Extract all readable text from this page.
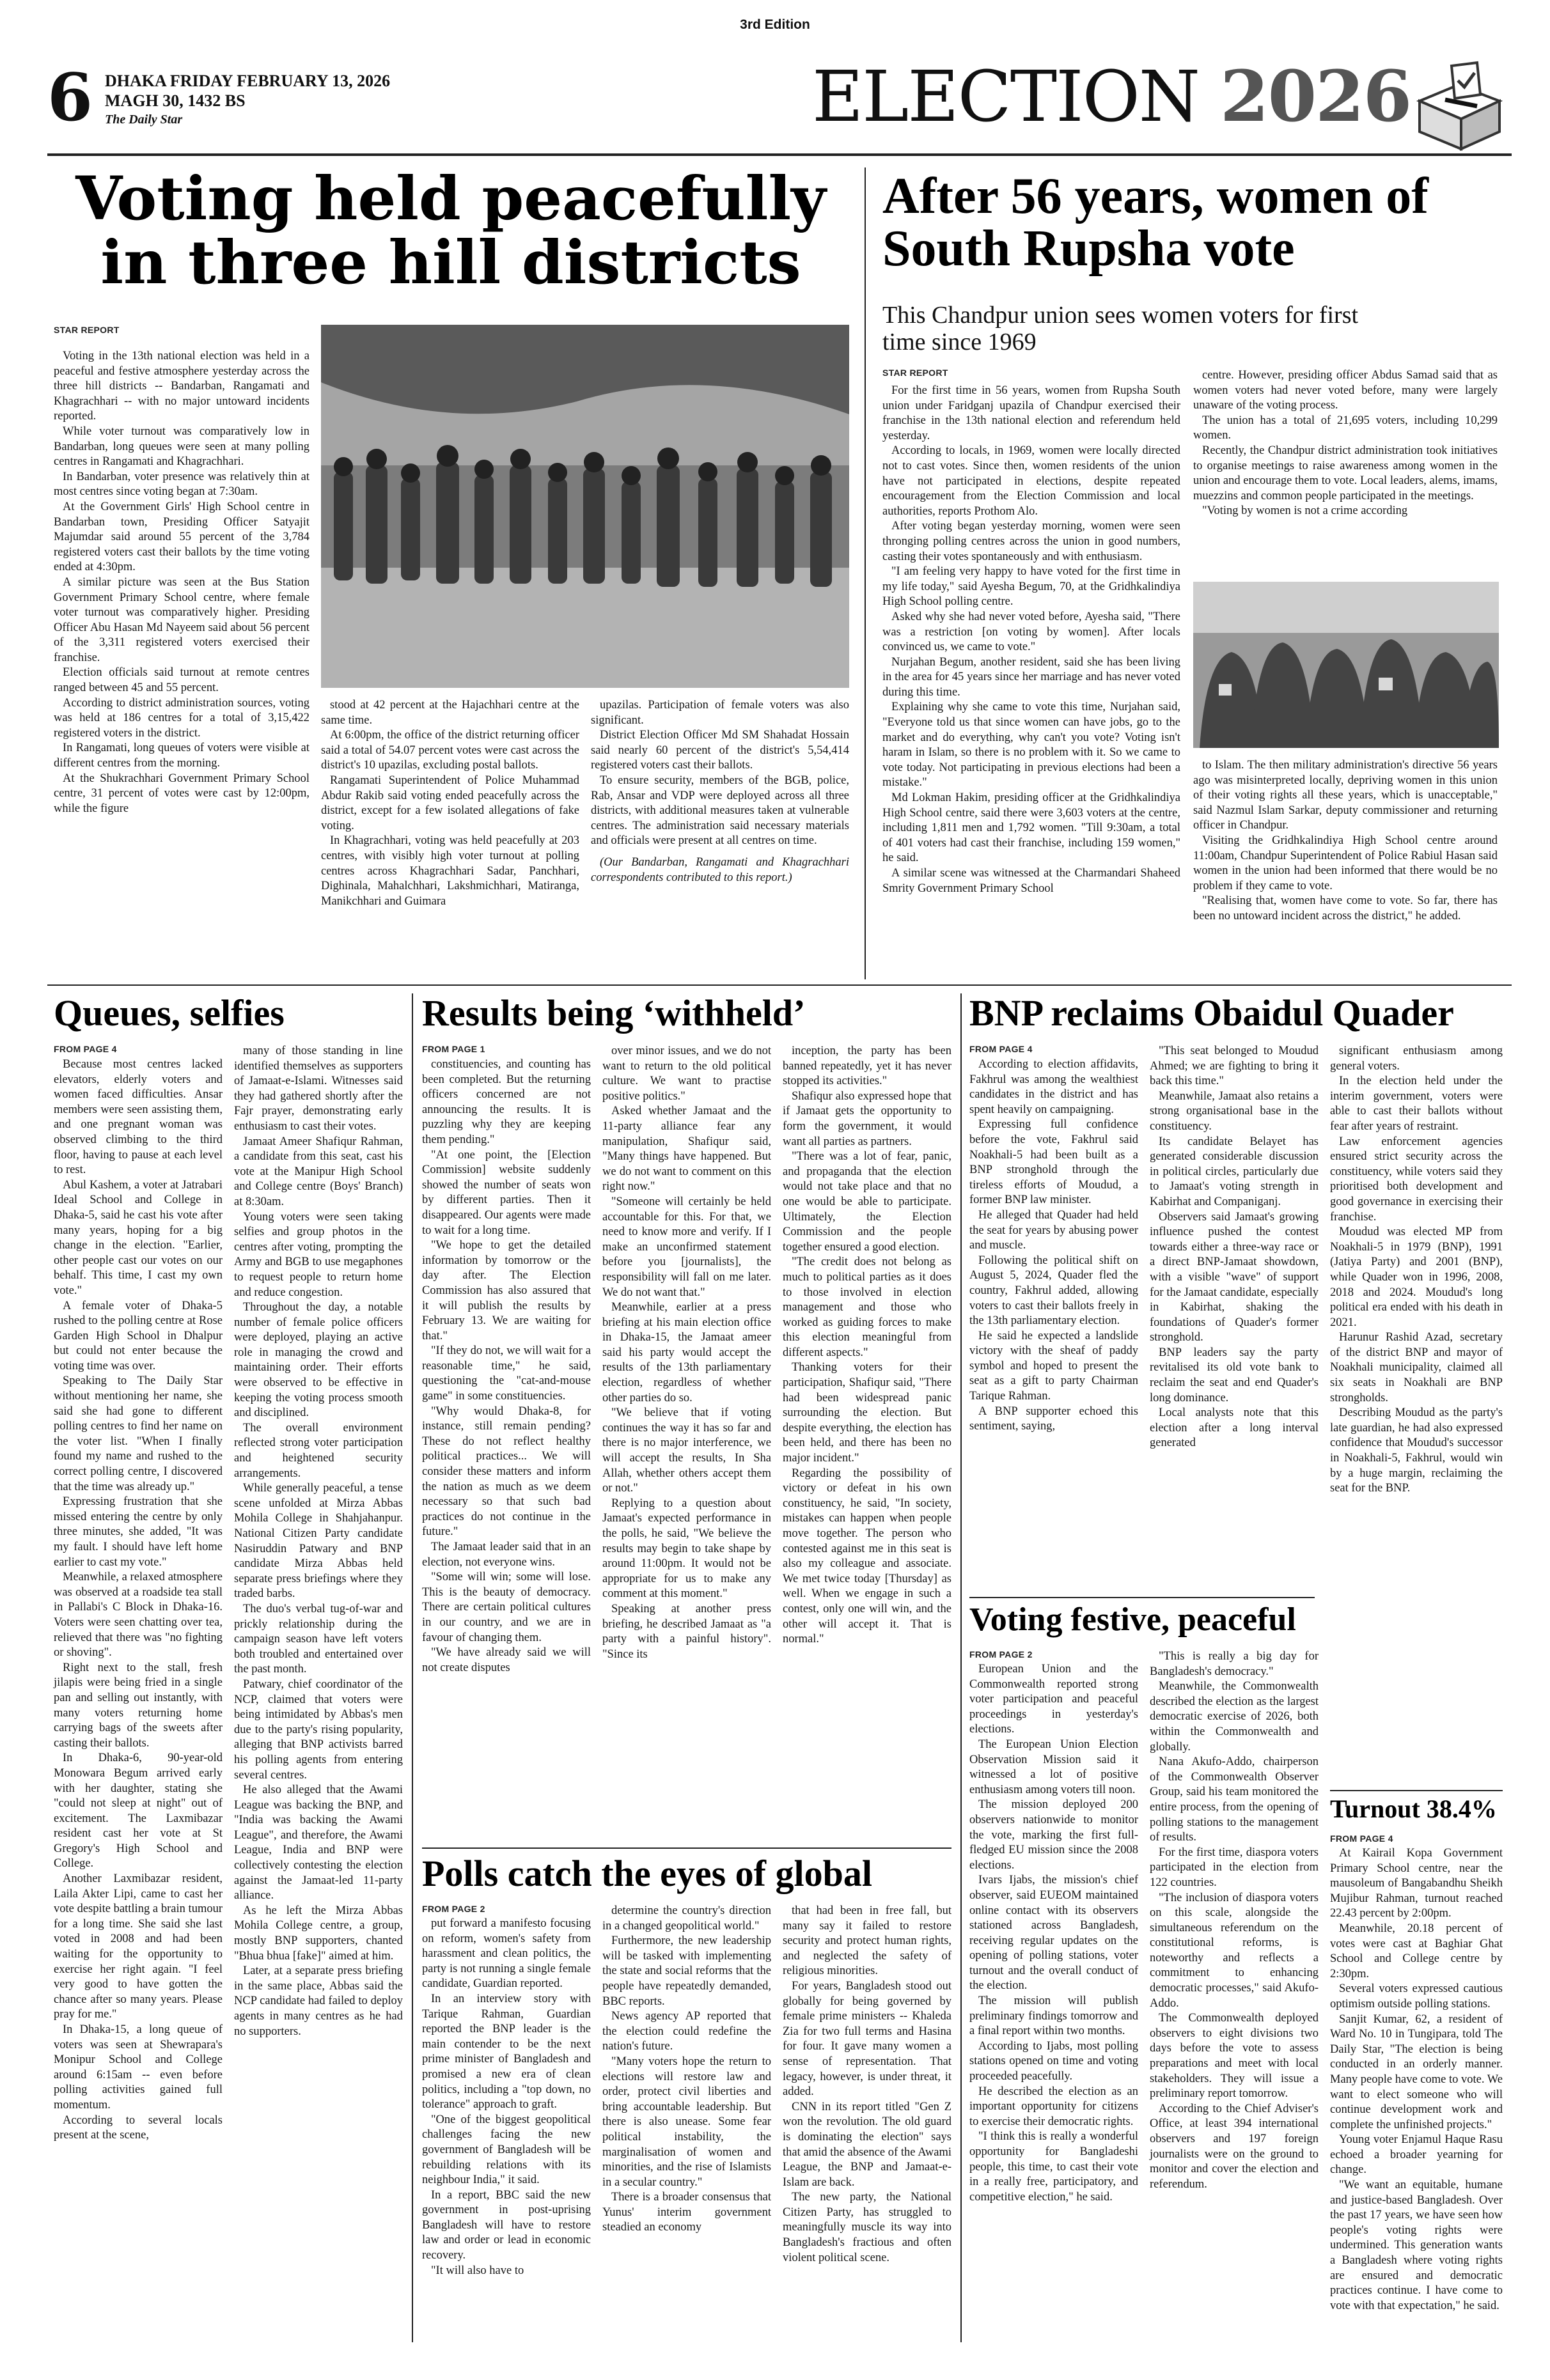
3rd Edition
6 DHAKA FRIDAY FEBRUARY 13, 2026
MAGH 30, 1432 BS
The Daily Star	ELECTION 2026
Voting held peacefully in three hill districts
STAR REPORT

Voting in the 13th national election was held in a peaceful and festive atmosphere yesterday across the three hill districts -- Bandarban, Rangamati and Khagrachhari -- with no major untoward incidents reported.

While voter turnout was comparatively low in Bandarban, long queues were seen at many polling centres in Rangamati and Khagrachhari.

In Bandarban, voter presence was relatively thin at most centres since voting began at 7:30am.

At the Government Girls' High School centre in Bandarban town, Presiding Officer Satyajit Majumdar said around 55 percent of the 3,784 registered voters cast their ballots by the time voting ended at 4:30pm.

A similar picture was seen at the Bus Station Government Primary School centre, where female voter turnout was comparatively higher. Presiding Officer Abu Hasan Md Nayeem said about 56 percent of the 3,311 registered voters exercised their franchise.

Election officials said turnout at remote centres ranged between 45 and 55 percent.

According to district administration sources, voting was held at 186 centres for a total of 3,15,422 registered voters in the district.

In Rangamati, long queues of voters were visible at different centres from the morning.

At the Shukrachhari Government Primary School centre, 31 percent of votes were cast by 12:00pm, while the figure

stood at 42 percent at the Hajachhari centre at the same time.

At 6:00pm, the office of the district returning officer said a total of 54.07 percent votes were cast across the district's 10 upazilas, excluding postal ballots.

Rangamati Superintendent of Police Muhammad Abdur Rakib said voting ended peacefully across the district, except for a few isolated allegations of fake voting.

In Khagrachhari, voting was held peacefully at 203 centres, with visibly high voter turnout at polling centres across Khagrachhari Sadar, Panchhari, Dighinala, Mahalchhari, Lakshmichhari, Matiranga, Manikchhari and Guimara

upazilas. Participation of female voters was also significant.

District Election Officer Md SM Shahadat Hossain said nearly 60 percent of the district's 5,54,414 registered voters cast their ballots.

To ensure security, members of the BGB, police, Rab, Ansar and VDP were deployed across all three districts, with additional measures taken at vulnerable centres. The administration said necessary materials and officials were present at all centres on time.

(Our Bandarban, Rangamati and Khagrachhari correspondents contributed to this report.)

After 56 years, women of South Rupsha vote
This Chandpur union sees women voters for first time since 1969
STAR REPORT

For the first time in 56 years, women from Rupsha South union under Faridganj upazila of Chandpur exercised their franchise in the 13th national election and referendum held yesterday.

According to locals, in 1969, women were locally directed not to cast votes. Since then, women residents of the union have not participated in elections, despite repeated encouragement from the Election Commission and local authorities, reports Prothom Alo.

After voting began yesterday morning, women were seen thronging polling centres across the union in good numbers, casting their votes spontaneously and with enthusiasm.

"I am feeling very happy to have voted for the first time in my life today," said Ayesha Begum, 70, at the Gridhkalindiya High School polling centre.

Asked why she had never voted before, Ayesha said, "There was a restriction [on voting by women]. After locals convinced us, we came to vote."

Nurjahan Begum, another resident, said she has been living in the area for 45 years since her marriage and has never voted during this time.

Explaining why she came to vote this time, Nurjahan said, "Everyone told us that since women can have jobs, go to the market and do everything, why can't you vote? Voting isn't haram in Islam, so there is no problem with it. So we came to vote today. Not participating in previous elections had been a mistake."

Md Lokman Hakim, presiding officer at the Gridhkalindiya High School centre, said there were 3,603 voters at the centre, including 1,811 men and 1,792 women. "Till 9:30am, a total of 401 voters had cast their franchise, including 159 women," he said.

A similar scene was witnessed at the Charmandari Shaheed Smrity Government Primary School

centre. However, presiding officer Abdus Samad said that as women voters had never voted before, many were largely unaware of the voting process.

The union has a total of 21,695 voters, including 10,299 women.

Recently, the Chandpur district administration took initiatives to organise meetings to raise awareness among women in the union and encourage them to vote. Local leaders, alems, imams, muezzins and common people participated in the meetings.

"Voting by women is not a crime according

to Islam. The then military administration's directive 56 years ago was misinterpreted locally, depriving women in this union of their voting rights all these years, which is unacceptable," said Nazmul Islam Sarkar, deputy commissioner and returning officer in Chandpur.

Visiting the Gridhkalindiya High School centre around 11:00am, Chandpur Superintendent of Police Rabiul Hasan said women in the union had been informed that there would be no problem if they came to vote.

"Realising that, women have come to vote. So far, there has been no untoward incident across the district," he added.

Queues, selfies
FROM PAGE 4

Because most centres lacked elevators, elderly voters and women faced difficulties. Ansar members were seen assisting them, and one pregnant woman was observed climbing to the third floor, having to pause at each level to rest.

Abul Kashem, a voter at Jatrabari Ideal School and College in Dhaka-5, said he cast his vote after many years, hoping for a big change in the election. "Earlier, other people cast our votes on our behalf. This time, I cast my own vote."

A female voter of Dhaka-5 rushed to the polling centre at Rose Garden High School in Dhalpur but could not enter because the voting time was over.

Speaking to The Daily Star without mentioning her name, she said she had gone to different polling centres to find her name on the voter list. "When I finally found my name and rushed to the correct polling centre, I discovered that the time was already up."

Expressing frustration that she missed entering the centre by only three minutes, she added, "It was my fault. I should have left home earlier to cast my vote."

Meanwhile, a relaxed atmosphere was observed at a roadside tea stall in Pallabi's C Block in Dhaka-16. Voters were seen chatting over tea, relieved that there was "no fighting or shoving".

Right next to the stall, fresh jilapis were being fried in a single pan and selling out instantly, with many voters returning home carrying bags of the sweets after casting their ballots.

In Dhaka-6, 90-year-old Monowara Begum arrived early with her daughter, stating she "could not sleep at night" out of excitement. The Laxmibazar resident cast her vote at St Gregory's High School and College.

Another Laxmibazar resident, Laila Akter Lipi, came to cast her vote despite battling a brain tumour for a long time. She said she last voted in 2008 and had been waiting for the opportunity to exercise her right again. "I feel very good to have gotten the chance after so many years. Please pray for me."

In Dhaka-15, a long queue of voters was seen at Shewrapara's Monipur School and College around 6:15am -- even before polling activities gained full momentum.

According to several locals present at the scene,

many of those standing in line identified themselves as supporters of Jamaat-e-Islami. Witnesses said they had gathered shortly after the Fajr prayer, demonstrating early enthusiasm to cast their votes.

Jamaat Ameer Shafiqur Rahman, a candidate from this seat, cast his vote at the Manipur High School and College centre (Boys' Branch) at 8:30am.

Young voters were seen taking selfies and group photos in the centres after voting, prompting the Army and BGB to use megaphones to request people to return home and reduce congestion.

Throughout the day, a notable number of female police officers were deployed, playing an active role in managing the crowd and maintaining order. Their efforts were observed to be effective in keeping the voting process smooth and disciplined.

The overall environment reflected strong voter participation and heightened security arrangements.

While generally peaceful, a tense scene unfolded at Mirza Abbas Mohila College in Shahjahanpur. National Citizen Party candidate Nasiruddin Patwary and BNP candidate Mirza Abbas held separate press briefings where they traded barbs.

The duo's verbal tug-of-war and prickly relationship during the campaign season have left voters both troubled and entertained over the past month.

Patwary, chief coordinator of the NCP, claimed that voters were being intimidated by Abbas's men due to the party's rising popularity, alleging that BNP activists barred his polling agents from entering several centres.

He also alleged that the Awami League was backing the BNP, and "India was backing the Awami League", and therefore, the Awami League, India and BNP were collectively contesting the election against the Jamaat-led 11-party alliance.

As he left the Mirza Abbas Mohila College centre, a group, mostly BNP supporters, chanted "Bhua bhua [fake]" aimed at him.

Later, at a separate press briefing in the same place, Abbas said the NCP candidate had failed to deploy agents in many centres as he had no supporters.

Results being ‘withheld’
FROM PAGE 1

constituencies, and counting has been completed. But the returning officers concerned are not announcing the results. It is puzzling why they are keeping them pending."

"At one point, the [Election Commission] website suddenly showed the number of seats won by different parties. Then it disappeared. Our agents were made to wait for a long time.

"We hope to get the detailed information by tomorrow or the day after. The Election Commission has also assured that it will publish the results by February 13. We are waiting for that."

"If they do not, we will wait for a reasonable time," he said, questioning the "cat-and-mouse game" in some constituencies.

"Why would Dhaka-8, for instance, still remain pending? These do not reflect healthy political practices... We will consider these matters and inform the nation as much as we deem necessary so that such bad practices do not continue in the future."

The Jamaat leader said that in an election, not everyone wins.

"Some will win; some will lose. This is the beauty of democracy. There are certain political cultures in our country, and we are in favour of changing them.

"We have already said we will not create disputes

over minor issues, and we do not want to return to the old political culture. We want to practise positive politics."

Asked whether Jamaat and the 11-party alliance fear any manipulation, Shafiqur said, "Many things have happened. But we do not want to comment on this right now."

"Someone will certainly be held accountable for this. For that, we need to know more and verify. If I make an unconfirmed statement before you [journalists], the responsibility will fall on me later. We do not want that."

Meanwhile, earlier at a press briefing at his main election office in Dhaka-15, the Jamaat ameer said his party would accept the results of the 13th parliamentary election, regardless of whether other parties do so.

"We believe that if voting continues the way it has so far and there is no major interference, we will accept the results, In Sha Allah, whether others accept them or not."

Replying to a question about Jamaat's expected performance in the polls, he said, "We believe the results may begin to take shape by around 11:00pm. It would not be appropriate for us to make any comment at this moment."

Speaking at another press briefing, he described Jamaat as "a party with a painful history". "Since its

inception, the party has been banned repeatedly, yet it has never stopped its activities."

Shafiqur also expressed hope that if Jamaat gets the opportunity to form the government, it would want all parties as partners.

"There was a lot of fear, panic, and propaganda that the election would not take place and that no one would be able to participate. Ultimately, the Election Commission and the people together ensured a good election.

"The credit does not belong as much to political parties as it does to those involved in election management and those who worked as guiding forces to make this election meaningful from different aspects."

Thanking voters for their participation, Shafiqur said, "There had been widespread panic surrounding the election. But despite everything, the election has been held, and there has been no major incident."

Regarding the possibility of victory or defeat in his own constituency, he said, "In society, mistakes can happen when people move together. The person who contested against me in this seat is also my colleague and associate. We met twice today [Thursday] as well. When we engage in such a contest, only one will win, and the other will accept it. That is normal."

Polls catch the eyes of global
FROM PAGE 2

put forward a manifesto focusing on reform, women's safety from harassment and clean politics, the party is not running a single female candidate, Guardian reported.

In an interview story with Tarique Rahman, Guardian reported the BNP leader is the main contender to be the next prime minister of Bangladesh and promised a new era of clean politics, including a "top down, no tolerance" approach to graft.

"One of the biggest geopolitical challenges facing the new government of Bangladesh will be rebuilding relations with its neighbour India," it said.

In a report, BBC said the new government in post-uprising Bangladesh will have to restore law and order or lead in economic recovery.

"It will also have to

determine the country's direction in a changed geopolitical world."

Furthermore, the new leadership will be tasked with implementing the state and social reforms that the people have repeatedly demanded, BBC reports.

News agency AP reported that the election could redefine the nation's future.

"Many voters hope the return to elections will restore law and order, protect civil liberties and bring accountable leadership. But there is also unease. Some fear political instability, the marginalisation of women and minorities, and the rise of Islamists in a secular country."

There is a broader consensus that Yunus' interim government steadied an economy

that had been in free fall, but many say it failed to restore security and protect human rights, and neglected the safety of religious minorities.

For years, Bangladesh stood out globally for being governed by female prime ministers -- Khaleda Zia for two full terms and Hasina for four. It gave many women a sense of representation. That legacy, however, is under threat, it added.

CNN in its report titled "Gen Z won the revolution. The old guard is dominating the election" says that amid the absence of the Awami League, the BNP and Jamaat-e-Islam are back.

The new party, the National Citizen Party, has struggled to meaningfully muscle its way into Bangladesh's fractious and often violent political scene.

BNP reclaims Obaidul Quader
FROM PAGE 4

According to election affidavits, Fakhrul was among the wealthiest candidates in the district and has spent heavily on campaigning.

Expressing full confidence before the vote, Fakhrul said Noakhali-5 had been built as a BNP stronghold through the tireless efforts of Moudud, a former BNP law minister.

He alleged that Quader had held the seat for years by abusing power and muscle.

Following the political shift on August 5, 2024, Quader fled the country, Fakhrul added, allowing voters to cast their ballots freely in the 13th parliamentary election.

He said he expected a landslide victory with the sheaf of paddy symbol and hoped to present the seat as a gift to party Chairman Tarique Rahman.

A BNP supporter echoed this sentiment, saying,

"This seat belonged to Moudud Ahmed; we are fighting to bring it back this time."

Meanwhile, Jamaat also retains a strong organisational base in the constituency.

Its candidate Belayet has generated considerable discussion in political circles, particularly due to Jamaat's voting strength in Kabirhat and Companiganj.

Observers said Jamaat's growing influence pushed the contest towards either a three-way race or a direct BNP-Jamaat showdown, with a visible "wave" of support for the Jamaat candidate, especially in Kabirhat, shaking the foundations of Quader's former stronghold.

BNP leaders say the party revitalised its old vote bank to reclaim the seat and end Quader's long dominance.

Local analysts note that this election after a long interval generated

significant enthusiasm among general voters.

In the election held under the interim government, voters were able to cast their ballots without fear after years of restraint.

Law enforcement agencies ensured strict security across the constituency, while voters said they prioritised both development and good governance in exercising their franchise.

Moudud was elected MP from Noakhali-5 in 1979 (BNP), 1991 (Jatiya Party) and 2001 (BNP), while Quader won in 1996, 2008, 2018 and 2024. Moudud's long political era ended with his death in 2021.

Harunur Rashid Azad, secretary of the district BNP and mayor of Noakhali municipality, claimed all six seats in Noakhali are BNP strongholds.

Describing Moudud as the party's late guardian, he had also expressed confidence that Moudud's successor in Noakhali-5, Fakhrul, would win by a huge margin, reclaiming the seat for the BNP.

Voting festive, peaceful
FROM PAGE 2

European Union and the Commonwealth reported strong voter participation and peaceful proceedings in yesterday's elections.

The European Union Election Observation Mission said it witnessed a lot of positive enthusiasm among voters till noon.

The mission deployed 200 observers nationwide to monitor the vote, marking the first full-fledged EU mission since the 2008 elections.

Ivars Ijabs, the mission's chief observer, said EUEOM maintained online contact with its observers stationed across Bangladesh, receiving regular updates on the opening of polling stations, voter turnout and the overall conduct of the election.

The mission will publish preliminary findings tomorrow and a final report within two months.

According to Ijabs, most polling stations opened on time and voting proceeded peacefully.

He described the election as an important opportunity for citizens to exercise their democratic rights.

"I think this is really a wonderful opportunity for Bangladeshi people, this time, to cast their vote in a really free, participatory, and competitive election," he said.

"This is really a big day for Bangladesh's democracy."

Meanwhile, the Commonwealth described the election as the largest democratic exercise of 2026, both within the Commonwealth and globally.

Nana Akufo-Addo, chairperson of the Commonwealth Observer Group, said his team monitored the entire process, from the opening of polling stations to the management of results.

For the first time, diaspora voters participated in the election from 122 countries.

"The inclusion of diaspora voters on this scale, alongside the simultaneous referendum on the constitutional reforms, is noteworthy and reflects a commitment to enhancing democratic processes," said Akufo-Addo.

The Commonwealth deployed observers to eight divisions two days before the vote to assess preparations and meet with local stakeholders. They will issue a preliminary report tomorrow.

According to the Chief Adviser's Office, at least 394 international observers and 197 foreign journalists were on the ground to monitor and cover the election and referendum.

Turnout 38.4%
FROM PAGE 4

At Kairail Kopa Government Primary School centre, near the mausoleum of Bangabandhu Sheikh Mujibur Rahman, turnout reached 22.43 percent by 2:00pm.

Meanwhile, 20.18 percent of votes were cast at Baghiar Ghat School and College centre by 2:30pm.

Several voters expressed cautious optimism outside polling stations.

Sanjit Kumar, 62, a resident of Ward No. 10 in Tungipara, told The Daily Star, "The election is being conducted in an orderly manner. Many people have come to vote. We want to elect someone who will continue development work and complete the unfinished projects."

Young voter Enjamul Haque Rasu echoed a broader yearning for change.

"We want an equitable, humane and justice-based Bangladesh. Over the past 17 years, we have seen how people's voting rights were undermined. This generation wants a Bangladesh where voting rights are ensured and democratic practices continue. I have come to vote with that expectation," he said.
